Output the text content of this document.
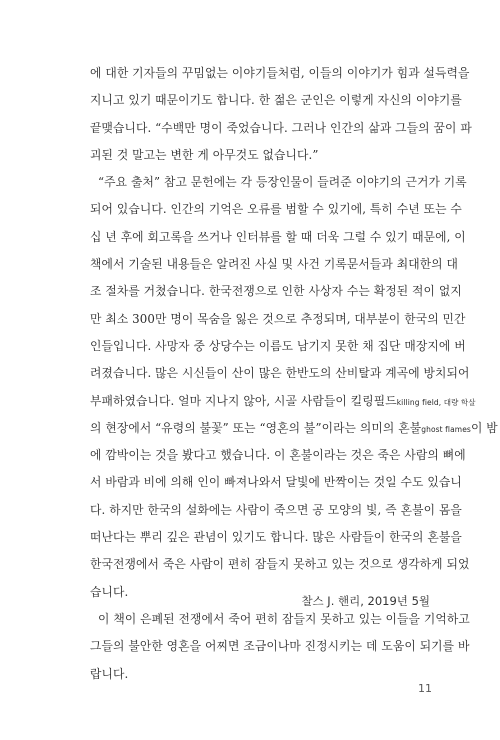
에 대한 기자들의 꾸밈없는 이야기들처럼, 이들의 이야기가 힘과 설득력을
지니고 있기 때문이기도 합니다. 한 젊은 군인은 이렇게 자신의 이야기를
끝맺습니다. “수백만 명이 죽었습니다. 그러나 인간의 삶과 그들의 꿈이 파
괴된 것 말고는 변한 게 아무것도 없습니다.”
“주요 출처” 참고 문헌에는 각 등장인물이 들려준 이야기의 근거가 기록
되어 있습니다. 인간의 기억은 오류를 범할 수 있기에, 특히 수년 또는 수
십 년 후에 회고록을 쓰거나 인터뷰를 할 때 더욱 그럴 수 있기 때문에, 이
책에서 기술된 내용들은 알려진 사실 및 사건 기록문서들과 최대한의 대
조 절차를 거쳤습니다. 한국전쟁으로 인한 사상자 수는 확정된 적이 없지
만 최소 300만 명이 목숨을 잃은 것으로 추정되며, 대부분이 한국의 민간
인들입니다. 사망자 중 상당수는 이름도 남기지 못한 채 집단 매장지에 버
려졌습니다. 많은 시신들이 산이 많은 한반도의 산비탈과 계곡에 방치되어
부패하였습니다. 얼마 지나지 않아, 시골 사람들이 킬링필드killing field, 대량 학살
의 현장에서 “유령의 불꽃” 또는 “영혼의 불”이라는 의미의 혼불ghost flames이 밤
에 깜박이는 것을 봤다고 했습니다. 이 혼불이라는 것은 죽은 사람의 뼈에
서 바람과 비에 의해 인이 빠져나와서 달빛에 반짝이는 것일 수도 있습니
다. 하지만 한국의 설화에는 사람이 죽으면 공 모양의 빛, 즉 혼불이 몸을
떠난다는 뿌리 깊은 관념이 있기도 합니다. 많은 사람들이 한국의 혼불을
한국전쟁에서 죽은 사람이 편히 잠들지 못하고 있는 것으로 생각하게 되었
습니다.
이 책이 은폐된 전쟁에서 죽어 편히 잠들지 못하고 있는 이들을 기억하고
그들의 불안한 영혼을 어찌면 조금이나마 진정시키는 데 도움이 되기를 바
랍니다.
찰스 J. 핸리, 2019년 5월
11
